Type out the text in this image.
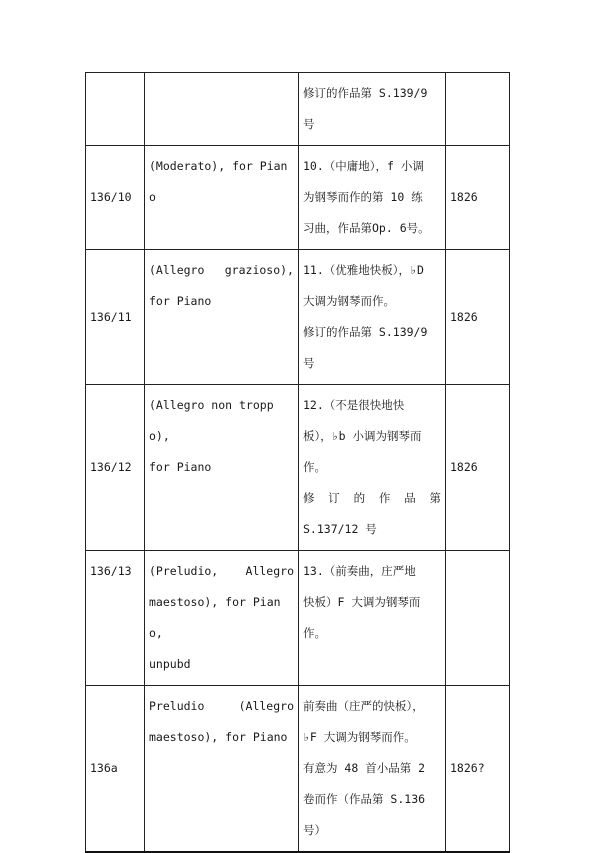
		修订的作品第 S.139/9
号	

136/10	(Moderato), for Piano	10.（中庸地），f 小调
为钢琴而作的第 10 练
习曲，作品第Op. 6号。	1826
136/11	(Allegro grazioso),
for Piano	11.（优雅地快板），♭D
大调为钢琴而作。
修订的作品第 S.139/9
号	1826
136/12	(Allegro non troppo),
for Piano	12.（不是很快地快
板），♭b 小调为钢琴而
作。
修 订 的 作 品 第
S.137/12 号	1826
136/13	(Preludio, Allegro
maestoso), for Piano,
unpubd	13.（前奏曲，庄严地
快板）F 大调为钢琴而
作。	

136a	Preludio (Allegro
maestoso), for Piano	前奏曲（庄严的快板），
♭F 大调为钢琴而作。
有意为 48 首小品第 2
卷而作（作品第 S.136
号）	1826?
